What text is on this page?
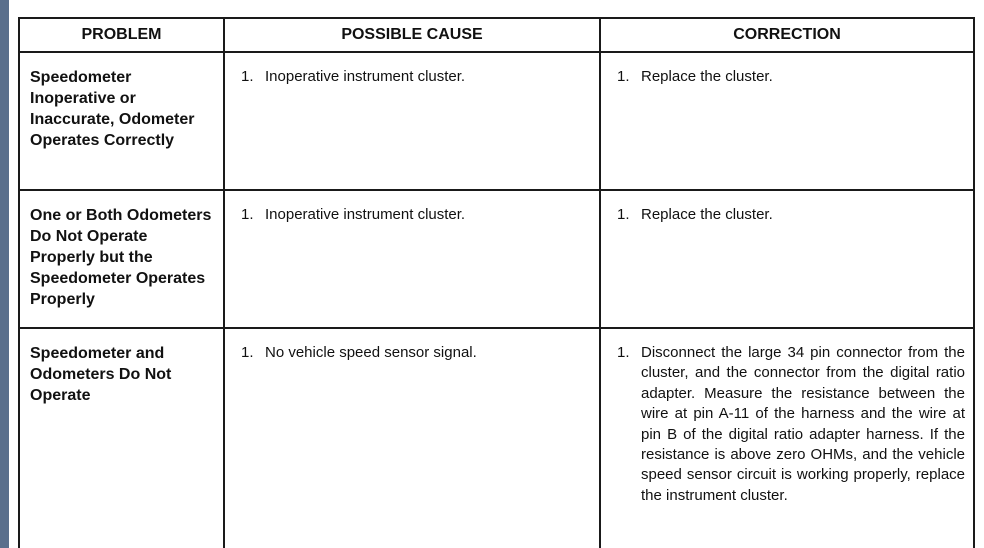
PROBLEM	POSSIBLE CAUSE	CORRECTION
Speedometer Inoperative or Inaccurate, Odometer Operates Correctly	1. Inoperative instrument cluster.	1. Replace the cluster.

One or Both Odometers Do Not Operate Properly but the Speedometer Operates Properly	1. Inoperative instrument cluster.	1. Replace the cluster.

Speedometer and Odometers Do Not Operate	1. No vehicle speed sensor signal.	1. Disconnect the large 34 pin connector from the cluster, and the connector from the digital ratio adapter. Measure the resistance between the wire at pin A-11 of the harness and the wire at pin B of the digital ratio adapter harness. If the resistance is above zero OHMs, and the vehicle speed sensor circuit is working properly, replace the instrument cluster.
